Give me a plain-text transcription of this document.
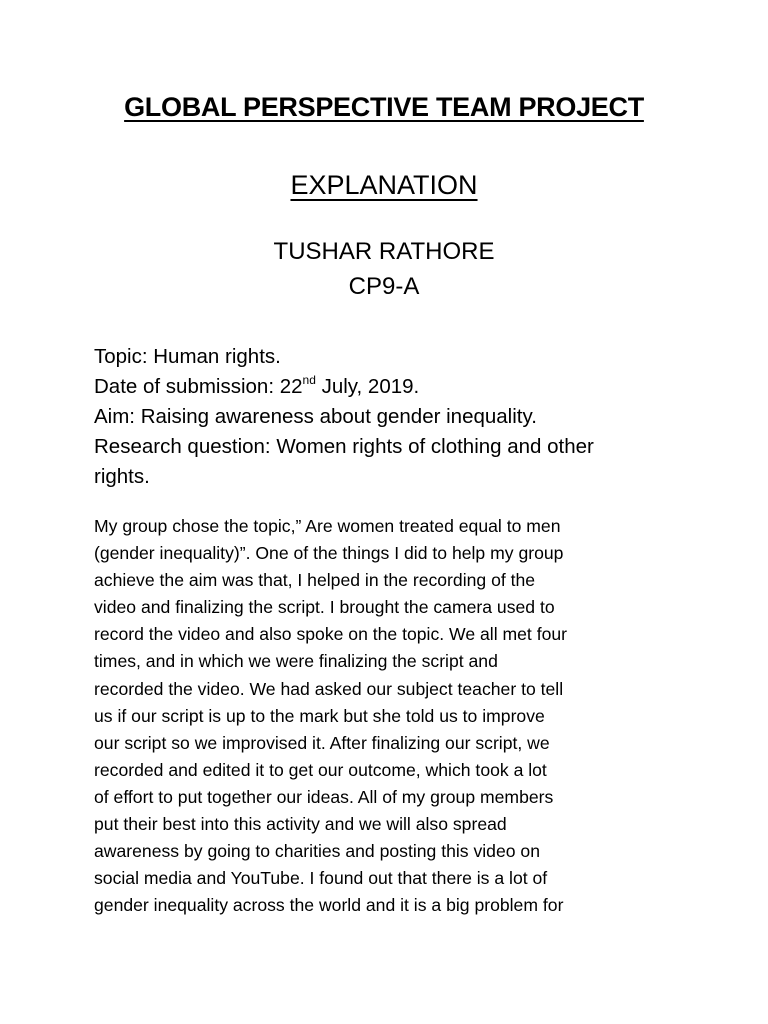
GLOBAL PERSPECTIVE TEAM PROJECT
EXPLANATION
TUSHAR RATHORE
CP9-A
Topic: Human rights.
Date of submission: 22nd July, 2019.
Aim: Raising awareness about gender inequality.
Research question: Women rights of clothing and other
rights.
My group chose the topic,” Are women treated equal to men
(gender inequality)”. One of the things I did to help my group
achieve the aim was that, I helped in the recording of the
video and finalizing the script. I brought the camera used to
record the video and also spoke on the topic. We all met four
times, and in which we were finalizing the script and
recorded the video. We had asked our subject teacher to tell
us if our script is up to the mark but she told us to improve
our script so we improvised it. After finalizing our script, we
recorded and edited it to get our outcome, which took a lot
of effort to put together our ideas. All of my group members
put their best into this activity and we will also spread
awareness by going to charities and posting this video on
social media and YouTube. I found out that there is a lot of
gender inequality across the world and it is a big problem for
